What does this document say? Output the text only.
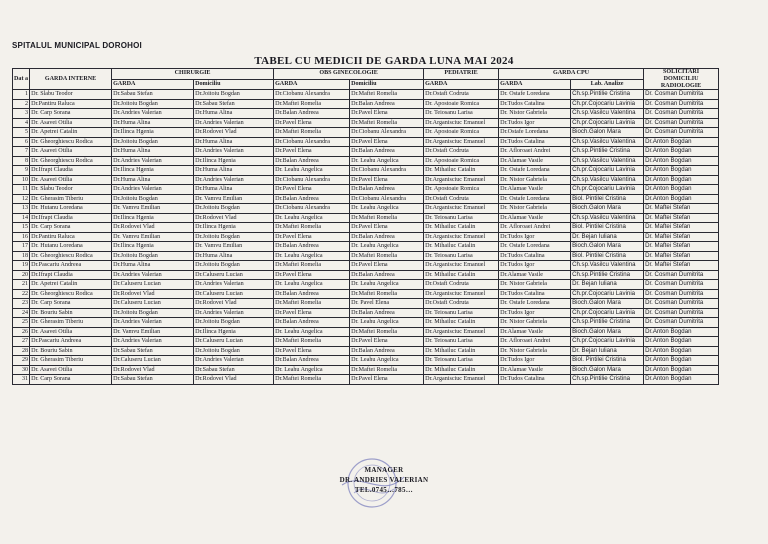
SPITALUL MUNICIPAL DOROHOI
TABEL CU MEDICII DE GARDA LUNA MAI 2024
Dat a	GARDA INTERNE	CHIRURGIE		OBS GINECOLOGIE		PEDIATRIE	GARDA CPU		SOLICITARI DOMICILIU RADIOLOGIE
		GARDA	Domiciliu	GARDA	Domiciliu	GARDA	GARDA	Lab. Analize	
1	Dr. Slabu Teodor	Dr.Sabau Stefan	Dr.Joitoiu Bogdan	Dr.Ciobanu Alexandra	Dr.Maftei Romelia	Dr.Ostafi Codruta	Dr. Ostafe Loredana	Ch.sp.Pintilie Cristina	Dr. Cosman Dumitrita
2	Dr.Pantiru Raluca	Dr.Joitoiu Bogdan	Dr.Sabau Stefan	Dr.Maftei Romelia	Dr.Balan Andreea	Dr. Apostoaie Romica	Dr.Tudos Catalina	Ch.pr.Cojocariu Lavinia	Dr. Cosman Dumitrita
3	Dr. Carp Sorana	Dr.Andries Valerian	Dr.Huma Alina	Dr.Balan Andreea	Dr.Pavel Elena	Dr. Teiosanu Larisa	Dr. Nistor Gabriela	Ch.sp.Vasilcu Valentina	Dr. Cosman Dumitrita
4	Dr. Asavei Otilia	Dr.Huma Alina	Dr.Andries Valerian	Dr.Pavel Elena	Dr.Maftei Romelia	Dr.Arganisciuc Emanuel	Dr.Tudos Igor	Ch.pr.Cojocariu Lavinia	Dr. Cosman Dumitrita
5	Dr. Apetrei Catalin	Dr.Ilinca Hgenia	Dr.Rodovei Vlad	Dr.Maftei Romelia	Dr.Ciobanu Alexandra	Dr. Apostoaie Romica	Dr.Ostafe Loredana	Bioch.Galon Mara	Dr. Cosman Dumitrita
6	Dr. Gheorghiescu Rodica	Dr.Joitoiu Bogdan	Dr.Huma Alina	Dr.Ciobanu Alexandra	Dr.Pavel Elena	Dr.Arganisciuc Emanuel	Dr.Tudos Catalina	Ch.sp.Vasilcu Valentina	Dr.Anton Bogdan
7	Dr. Asavei Otilia	Dr.Huma Alina	Dr.Andries Valerian	Dr.Pavel Elena	Dr.Balan Andreea	Dr.Ostafi Codruta	Dr. Afloroaei Andrei	Ch.sp.Pintilie Cristina	Dr.Anton Bogdan
8	Dr. Gheorghiescu Rodica	Dr.Andries Valerian	Dr.Ilinca Hgenia	Dr.Balan Andreea	Dr. Leahu Angelica	Dr. Apostoaie Romica	Dr.Alamae Vasile	Ch.sp.Vasilcu Valentina	Dr.Anton Bogdan
9	Dr.Ifrapt Claudia	Dr.Ilinca Hgenia	Dr.Huma Alina	Dr. Leahu Angelica	Dr.Ciobanu Alexandra	Dr. Mihailuc Catalin	Dr. Ostafe Loredana	Ch.pr.Cojocariu Lavinia	Dr.Anton Bogdan
10	Dr. Asavei Otilia	Dr.Huma Alina	Dr.Andries Valerian	Dr.Ciobanu Alexandra	Dr.Pavel Elena	Dr.Arganisciuc Emanuel	Dr. Nistor Gabriela	Ch.sp.Vasilcu Valentina	Dr.Anton Bogdan
11	Dr. Slabu Teodor	Dr.Andries Valerian	Dr.Huma Alina	Dr.Pavel Elena	Dr.Balan Andreea	Dr. Apostoaie Romica	Dr.Alamae Vasile	Ch.pr.Cojocariu Lavinia	Dr.Anton Bogdan
12	Dr. Gherasim Tiberiu	Dr.Joitoiu Bogdan	Dr. Vamvu Emilian	Dr.Balan Andreea	Dr.Ciobanu Alexandra	Dr.Ostafi Codruta	Dr. Ostafe Loredana	Biol. Pintilei Cristina	Dr.Anton Bogdan
13	Dr. Hutanu Loredana	Dr. Vamvu Emilian	Dr.Joitoiu Bogdan	Dr.Ciobanu Alexandra	Dr. Leahu Angelica	Dr.Arganisciuc Emanuel	Dr. Nistor Gabriela	Bioch.Galon Mara	Dr. Maftei Stefan
14	Dr.Ifrapt Claudia	Dr.Ilinca Hgenia	Dr.Rodovei Vlad	Dr. Leahu Angelica	Dr.Maftei Romelia	Dr. Teiosanu Larisa	Dr.Alamae Vasile	Ch.sp.Vasilcu Valentina	Dr. Maftei Stefan
15	Dr. Carp Sorana	Dr.Rodovei Vlad	Dr.Ilinca Hgenia	Dr.Maftei Romelia	Dr.Pavel Elena	Dr. Mihailuc Catalin	Dr. Afloroaei Andrei	Biol. Pintilei Cristina	Dr. Maftei Stefan
16	Dr.Pantiru Raluca	Dr. Vamvu Emilian	Dr.Joitoiu Bogdan	Dr.Pavel Elena	Dr.Balan Andreea	Dr.Arganisciuc Emanuel	Dr.Tudos Igor	Dr. Bejan Iuliana	Dr. Maftei Stefan
17	Dr. Hutanu Loredana	Dr.Ilinca Hgenia	Dr. Vamvu Emilian	Dr.Balan Andreea	Dr. Leahu Angelica	Dr. Mihailuc Catalin	Dr. Ostafe Loredana	Bioch.Galon Mara	Dr. Maftei Stefan
18	Dr. Gheorghiescu Rodica	Dr.Joitoiu Bogdan	Dr.Huma Alina	Dr. Leahu Angelica	Dr.Maftei Romelia	Dr. Teiosanu Larisa	Dr.Tudos Catalina	Biol. Pintilei Cristina	Dr. Maftei Stefan
19	Dr.Pascariu Andreea	Dr.Huma Alina	Dr.Joitoiu Bogdan	Dr.Maftei Romelia	Dr.Pavel Elena	Dr.Arganisciuc Emanuel	Dr.Tudos Igor	Ch.sp.Vasilcu Valentina	Dr. Maftei Stefan
20	Dr.Ifrapt Claudia	Dr.Andries Valerian	Dr.Caluseru Lucian	Dr.Pavel Elena	Dr.Balan Andreea	Dr. Mihailuc Catalin	Dr.Alamae Vasile	Ch.sp.Pintilie Cristina	Dr. Cosman Dumitrita
21	Dr. Apetrei Catalin	Dr.Caluseru Lucian	Dr.Andries Valerian	Dr. Leahu Angelica	Dr. Leahu Angelica	Dr.Ostafi Codruta	Dr. Nistor Gabriela	Dr. Bejan Iuliana	Dr. Cosman Dumitrita
22	Dr. Gheorghiescu Rodica	Dr.Rodovei Vlad	Dr.Caluseru Lucian	Dr.Balan Andreea	Dr.Maftei Romelia	Dr.Arganisciuc Emanuel	Dr.Tudos Catalina	Ch.pr.Cojocariu Lavinia	Dr. Cosman Dumitrita
23	Dr. Carp Sorana	Dr.Caluseru Lucian	Dr.Rodovei Vlad	Dr.Maftei Romelia	Dr. Pavel Elena	Dr.Ostafi Codruta	Dr. Ostafe Loredana	Bioch.Galon Mara	Dr. Cosman Dumitrita
24	Dr. Bouriu Sabin	Dr.Joitoiu Bogdan	Dr.Andries Valerian	Dr.Pavel Elena	Dr.Balan Andreea	Dr. Teiosanu Larisa	Dr.Tudos Igor	Ch.pr.Cojocariu Lavinia	Dr. Cosman Dumitrita
25	Dr. Gherasim Tiberiu	Dr.Andries Valerian	Dr.Joitoiu Bogdan	Dr.Balan Andreea	Dr. Leahu Angelica	Dr. Mihailuc Catalin	Dr. Nistor Gabriela	Ch.sp.Pintilie Cristina	Dr. Cosman Dumitrita
26	Dr. Asavei Otilia	Dr. Vamvu Emilian	Dr.Ilinca Hgenia	Dr. Leahu Angelica	Dr.Maftei Romelia	Dr.Arganisciuc Emanuel	Dr.Alamae Vasile	Bioch.Galon Mara	Dr.Anton Bogdan
27	Dr.Pascariu Andreea	Dr.Andries Valerian	Dr.Caluseru Lucian	Dr.Maftei Romelia	Dr.Pavel Elena	Dr. Teiosanu Larisa	Dr. Afloroaei Andrei	Ch.pr.Cojocariu Lavinia	Dr.Anton Bogdan
28	Dr. Bouriu Sabin	Dr.Sabau Stefan	Dr.Joitoiu Bogdan	Dr.Pavel Elena	Dr.Balan Andreea	Dr. Mihailuc Catalin	Dr. Nistor Gabriela	Dr. Bejan Iuliana	Dr.Anton Bogdan
29	Dr. Gherasim Tiberiu	Dr.Caluseru Lucian	Dr.Andries Valerian	Dr.Balan Andreea	Dr. Leahu Angelica	Dr. Teiosanu Larisa	Dr.Tudos Igor	Biol. Pintilei Cristina	Dr.Anton Bogdan
30	Dr. Asavei Otilia	Dr.Rodovei Vlad	Dr.Sabau Stefan	Dr. Leahu Angelica	Dr.Maftei Romelia	Dr. Mihailuc Catalin	Dr.Alamae Vasile	Bioch.Galon Mara	Dr.Anton Bogdan
31	Dr. Carp Sorana	Dr.Sabau Stefan	Dr.Rodovei Vlad	Dr.Maftei Romelia	Dr.Pavel Elena	Dr.Arganisciuc Emanuel	Dr.Tudos Catalina	Ch.sp.Pintilie Cristina	Dr.Anton Bogdan
MANAGER
DR. ANDRIES VALERIAN
TEL.0745…785…
